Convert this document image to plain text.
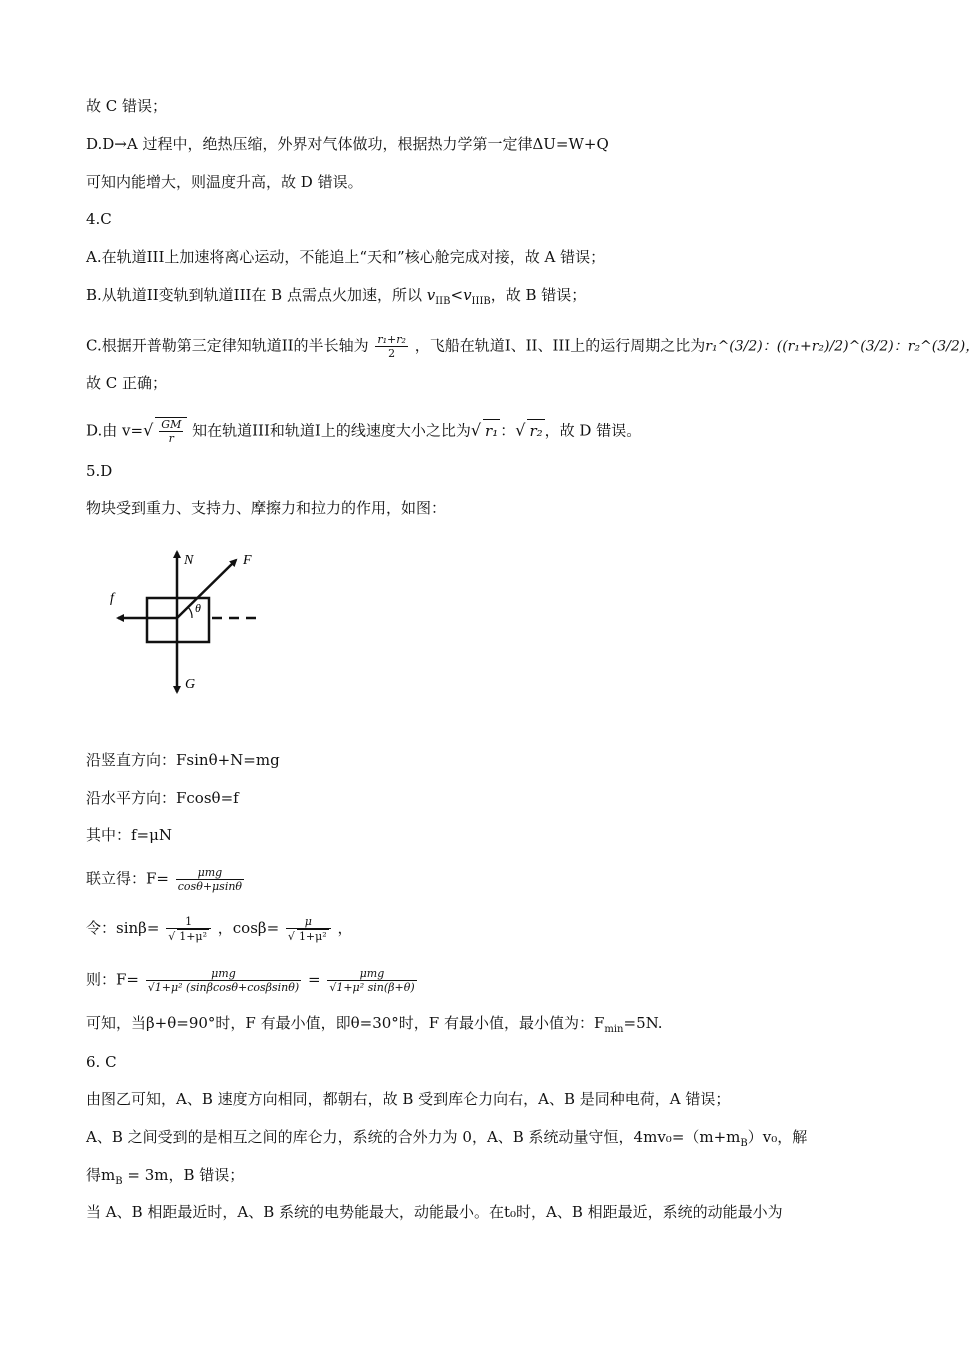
故 C 错误；
D.D→A 过程中，绝热压缩，外界对气体做功，根据热力学第一定律ΔU=W+Q
可知内能增大，则温度升高，故 D 错误。
4.C
A.在轨道III上加速将离心运动，不能追上“天和”核心舱完成对接，故 A 错误；
B.从轨道II变轨到轨道III在 B 点需点火加速，所以 $v_{IIB}<v_{IIIB}$，故 B 错误；
C.根据开普勒第三定律知轨道II的半长轴为 $\frac{\text{r₁+r₂}}{2}$ ，飞船在轨道I、II、III上的运行周期之比为r₁^(3/2)：((r₁+r₂)/2)^(3/2)：r₂^(3/2)，
故 C 正确；
D.由 $v=√ \frac{GM}{r}$ 知在轨道III和轨道I上的线速度大小之比为√ r₁ ：√ r₂ ，故 D 错误。
5.D
物块受到重力、支持力、摩擦力和拉力的作用，如图：
N	F
f
G
θ
沿竖直方向：Fsinθ+N=mg
沿水平方向：Fcosθ=f
其中：f=μN
联立得：$F= \frac{\text{μmg}}{\cos\theta+\mu\sin\theta}$
令：$\sin\beta= \frac{1}{\text{√ 1+μ²}}$ ，$\cos\beta= \frac{\mu}{\text{√ 1+μ²}}$ ，
则：$F= \frac{\text{μmg}}{\text{√1+μ² (sinβcosθ+cosβsinθ)}} = \frac{\text{μmg}}{\text{√1+μ² sin(β+θ)}}$
可知，当β+θ=90°时，F 有最小值，即θ=30°时，F 有最小值，最小值为：$F_{min}=5N$.
6. C
由图乙可知，A、B 速度方向相同，都朝右，故 B 受到库仑力向右，A、B 是同种电荷，A 错误；
A、B 之间受到的是相互之间的库仑力，系统的合外力为 0，A、B 系统动量守恒，$4mv_0=(m+m_B)v_0$，解
得$m_B = 3m$，B 错误；
当 A、B 相距最近时，A、B 系统的电势能最大，动能最小。在t₀时，A、B 相距最近，系统的动能最小为
